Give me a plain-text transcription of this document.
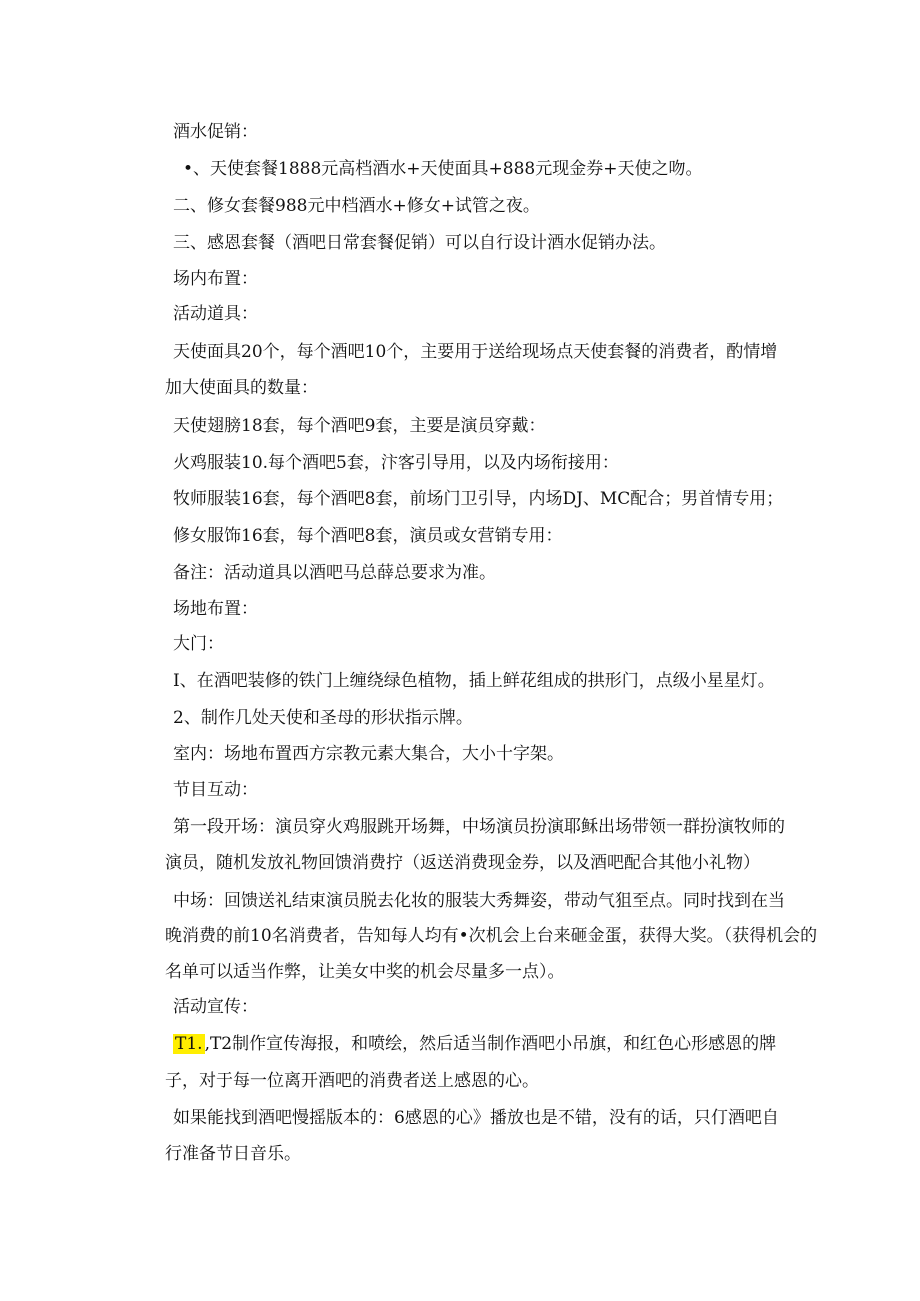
酒水促销：

•、天使套餐1888元高档酒水+天使面具+888元现金券+天使之吻。

二、修女套餐988元中档酒水+修女+试管之夜。

三、感恩套餐（酒吧日常套餐促销）可以自行设计酒水促销办法。

场内布置：

活动道具：

天使面具20个，每个酒吧10个，主要用于送给现场点天使套餐的消费者，酌情增

加大使面具的数量：

天使翅膀18套，每个酒吧9套，主要是演员穿戴：

火鸡服装10.每个酒吧5套，汴客引导用，以及内场衔接用：

牧师服装16套，每个酒吧8套，前场门卫引导，内场DJ、MC配合；男首情专用；

修女服饰16套，每个酒吧8套，演员或女营销专用：

备注：活动道具以酒吧马总薛总要求为准。

场地布置：

大门：

I、在酒吧装修的铁门上缠绕绿色植物，插上鲜花组成的拱形门，点级小星星灯。

2、制作几处天使和圣母的形状指示牌。

室内：场地布置西方宗教元素大集合，大小十字架。

节目互动：

第一段开场：演员穿火鸡服跳开场舞，中场演员扮演耶稣出场带领一群扮演牧师的

演员，随机发放礼物回馈消费拧（返送消费现金券，以及酒吧配合其他小礼物）

中场：回馈送礼结束演员脱去化妆的服装大秀舞姿，带动气狙至点。同时找到在当

晚消费的前10名消费者，告知每人均有•次机会上台来砸金蛋，获得大奖。（获得机会的

名单可以适当作弊，让美女中奖的机会尽量多一点）。

活动宣传：

T1. ,T2制作宣传海报，和喷绘，然后适当制作酒吧小吊旗，和红色心形感恩的牌

子，对于每一位离开酒吧的消费者送上感恩的心。

如果能找到酒吧慢摇版本的：6感恩的心》播放也是不错，没有的话，只仃酒吧自

行准备节日音乐。
